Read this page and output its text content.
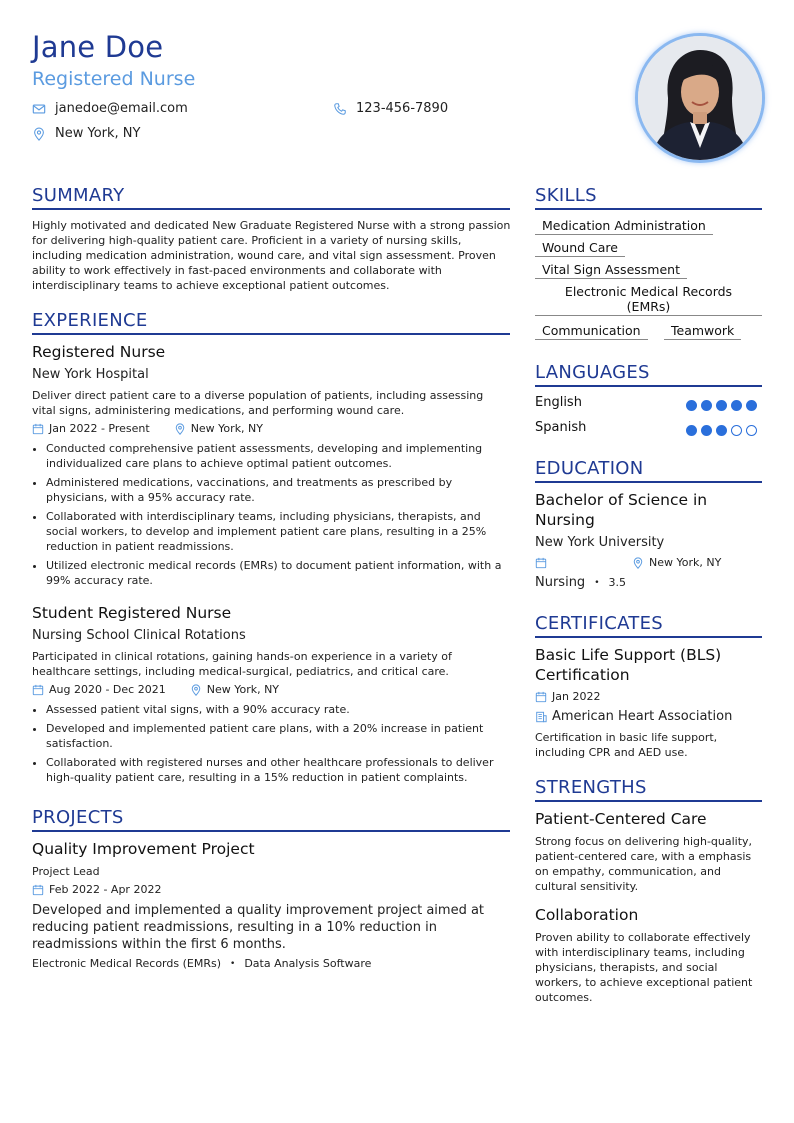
Jane Doe
Registered Nurse
janedoe@email.com	123-456-7890
New York, NY
SUMMARY
Highly motivated and dedicated New Graduate Registered Nurse with a strong passion for delivering high-quality patient care. Proficient in a variety of nursing skills, including medication administration, wound care, and vital sign assessment. Proven ability to work effectively in fast-paced environments and collaborate with interdisciplinary teams to achieve exceptional patient outcomes.
EXPERIENCE
Registered Nurse
New York Hospital
Deliver direct patient care to a diverse population of patients, including assessing vital signs, administering medications, and performing wound care.
Jan 2022 - Present	New York, NY
• Conducted comprehensive patient assessments, developing and implementing individualized care plans to achieve optimal patient outcomes.
• Administered medications, vaccinations, and treatments as prescribed by physicians, with a 95% accuracy rate.
• Collaborated with interdisciplinary teams, including physicians, therapists, and social workers, to develop and implement patient care plans, resulting in a 25% reduction in patient readmissions.
• Utilized electronic medical records (EMRs) to document patient information, with a 99% accuracy rate.
Student Registered Nurse
Nursing School Clinical Rotations
Participated in clinical rotations, gaining hands-on experience in a variety of healthcare settings, including medical-surgical, pediatrics, and critical care.
Aug 2020 - Dec 2021	New York, NY
• Assessed patient vital signs, with a 90% accuracy rate.
• Developed and implemented patient care plans, with a 20% increase in patient satisfaction.
• Collaborated with registered nurses and other healthcare professionals to deliver high-quality patient care, resulting in a 15% reduction in patient complaints.
PROJECTS
Quality Improvement Project
Project Lead
Feb 2022 - Apr 2022
Developed and implemented a quality improvement project aimed at reducing patient readmissions, resulting in a 10% reduction in readmissions within the first 6 months.
Electronic Medical Records (EMRs) • Data Analysis Software
SKILLS
Medication Administration
Wound Care
Vital Sign Assessment
Electronic Medical Records (EMRs)
Communication	Teamwork
LANGUAGES
English
Spanish
EDUCATION
Bachelor of Science in Nursing
New York University
New York, NY
Nursing • 3.5
CERTIFICATES
Basic Life Support (BLS) Certification
Jan 2022
American Heart Association
Certification in basic life support, including CPR and AED use.
STRENGTHS
Patient-Centered Care
Strong focus on delivering high-quality, patient-centered care, with a emphasis on empathy, communication, and cultural sensitivity.
Collaboration
Proven ability to collaborate effectively with interdisciplinary teams, including physicians, therapists, and social workers, to achieve exceptional patient outcomes.
